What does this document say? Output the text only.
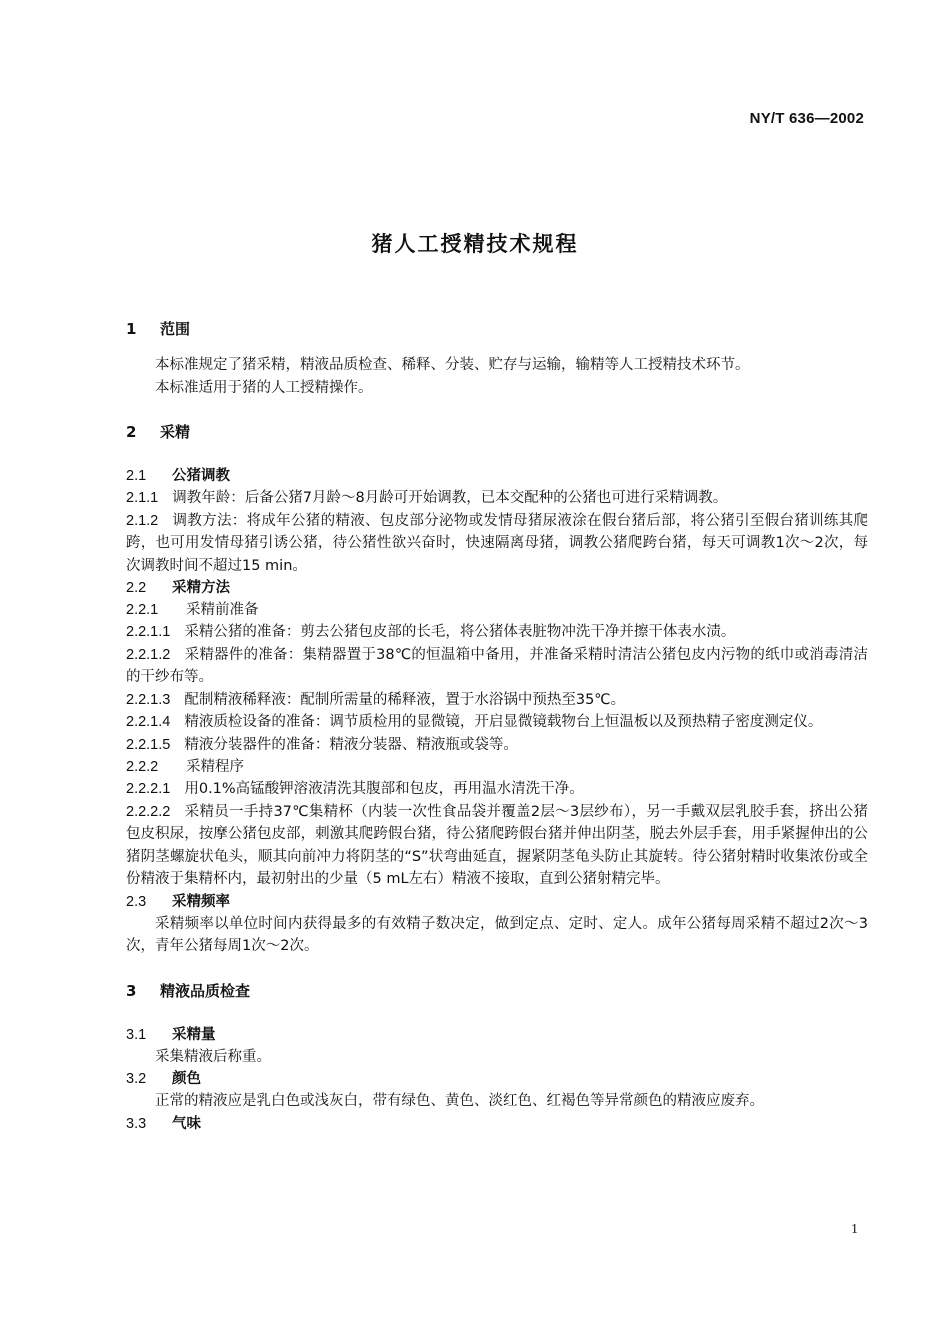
NY/T 636—2002
猪人工授精技术规程
1 范围
本标准规定了猪采精，精液品质检查、稀释、分装、贮存与运输，输精等人工授精技术环节。
本标准适用于猪的人工授精操作。
2 采精
2.1 公猪调教
2.1.1 调教年龄：后备公猪7月龄～8月龄可开始调教，已本交配种的公猪也可进行采精调教。
2.1.2 调教方法：将成年公猪的精液、包皮部分泌物或发情母猪尿液涂在假台猪后部，将公猪引至假台猪训练其爬跨，也可用发情母猪引诱公猪，待公猪性欲兴奋时，快速隔离母猪，调教公猪爬跨台猪，每天可调教1次～2次，每次调教时间不超过15 min。
2.2 采精方法
2.2.1 采精前准备
2.2.1.1 采精公猪的准备：剪去公猪包皮部的长毛，将公猪体表脏物冲洗干净并擦干体表水渍。
2.2.1.2 采精器件的准备：集精器置于38℃的恒温箱中备用，并准备采精时清洁公猪包皮内污物的纸巾或消毒清洁的干纱布等。
2.2.1.3 配制精液稀释液：配制所需量的稀释液，置于水浴锅中预热至35℃。
2.2.1.4 精液质检设备的准备：调节质检用的显微镜，开启显微镜载物台上恒温板以及预热精子密度测定仪。
2.2.1.5 精液分装器件的准备：精液分装器、精液瓶或袋等。
2.2.2 采精程序
2.2.2.1 用0.1%高锰酸钾溶液清洗其腹部和包皮，再用温水清洗干净。
2.2.2.2 采精员一手持37℃集精杯（内装一次性食品袋并覆盖2层～3层纱布），另一手戴双层乳胶手套，挤出公猪包皮积尿，按摩公猪包皮部，刺激其爬跨假台猪，待公猪爬跨假台猪并伸出阴茎，脱去外层手套，用手紧握伸出的公猪阴茎螺旋状龟头，顺其向前冲力将阴茎的“S”状弯曲延直，握紧阴茎龟头防止其旋转。待公猪射精时收集浓份或全份精液于集精杯内，最初射出的少量（5 mL左右）精液不接取，直到公猪射精完毕。
2.3 采精频率
采精频率以单位时间内获得最多的有效精子数决定，做到定点、定时、定人。成年公猪每周采精不超过2次～3次，青年公猪每周1次～2次。
3 精液品质检查
3.1 采精量
采集精液后称重。
3.2 颜色
正常的精液应是乳白色或浅灰白，带有绿色、黄色、淡红色、红褐色等异常颜色的精液应废弃。
3.3 气味
1
